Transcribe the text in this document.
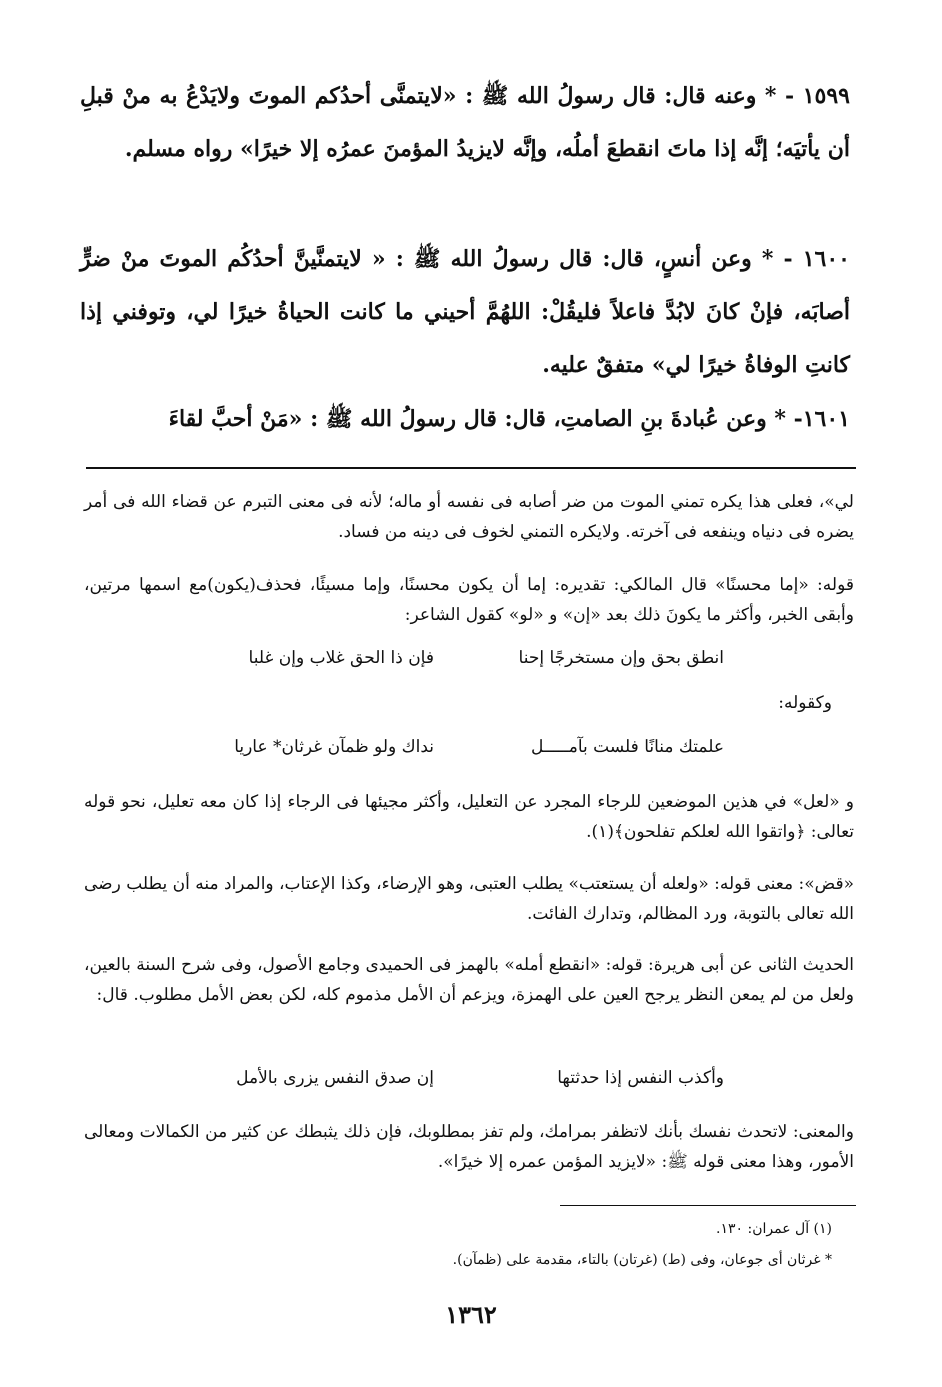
١٥٩٩ - * وعنه قال: قال رسولُ الله ﷺ : «لايتمنَّى أحدُكم الموتَ ولايَدْعُ به منْ قبلِ أن يأتيَه؛ إنَّه إذا ماتَ انقطعَ أملُه، وإنَّه لايزيدُ المؤمنَ عمرُه إلا خيرًا» رواه مسلم.
١٦٠٠ - * وعن أنسٍ، قال: قال رسولُ الله ﷺ : « لايتمنَّينَّ أحدُكُم الموتَ منْ ضرٍّ أصابَه، فإنْ كانَ لابُدَّ فاعلاً فليقُلْ: اللهُمَّ أحيني ما كانت الحياةُ خيرًا لي، وتوفني إذا كانتِ الوفاةُ خيرًا لي» متفقٌ عليه.
١٦٠١- * وعن عُبادةَ بنِ الصامتِ، قال: قال رسولُ الله ﷺ : «مَنْ أحبَّ لقاءَ
لي»، فعلى هذا يكره تمني الموت من ضر أصابه فى نفسه أو ماله؛ لأنه فى معنى التبرم عن قضاء الله فى أمر يضره فى دنياه وينفعه فى آخرته. ولايكره التمني لخوف فى دينه من فساد.
قوله: «إما محسنًا» قال المالكي: تقديره: إما أن يكون محسنًا، وإما مسيئًا، فحذف(يكون)مع اسمها مرتين، وأبقى الخبر، وأكثر ما يكونَ ذلك بعد «إن» و «لو» كقول الشاعر:
انطق بحق وإن مستخرجًا إحنا
فإن ذا الحق غلاب وإن غلبا
وكقوله:
علمتك منانًا فلست بآمـــــل
نداك ولو ظمآن غرثان* عاريا
و «لعل» في هذين الموضعين للرجاء المجرد عن التعليل، وأكثر مجيئها فى الرجاء إذا كان معه تعليل، نحو قوله تعالى: ﴿واتقوا الله لعلكم تفلحون﴾(١).
«قض»: معنى قوله: «ولعله أن يستعتب» يطلب العتبى، وهو الإرضاء، وكذا الإعتاب، والمراد منه أن يطلب رضى الله تعالى بالتوبة، ورد المظالم، وتدارك الفائت.
الحديث الثانى عن أبى هريرة: قوله: «انقطع أمله» بالهمز فى الحميدى وجامع الأصول، وفى شرح السنة بالعين، ولعل من لم يمعن النظر يرجح العين على الهمزة، ويزعم أن الأمل مذموم كله، لكن بعض الأمل مطلوب. قال:
وأكذب النفس إذا حدثتها
إن صدق النفس يزرى بالأمل
والمعنى: لاتحدث نفسك بأنك لاتظفر بمرامك، ولم تفز بمطلوبك، فإن ذلك يثبطك عن كثير من الكمالات ومعالى الأمور، وهذا معنى قوله ﷺ: «لايزيد المؤمن عمره إلا خيرًا».
(١) آل عمران: ١٣٠.
* غرثان أى جوعان، وفى (ط) (غرتان) بالتاء، مقدمة على (ظمآن).
١٣٦٢
